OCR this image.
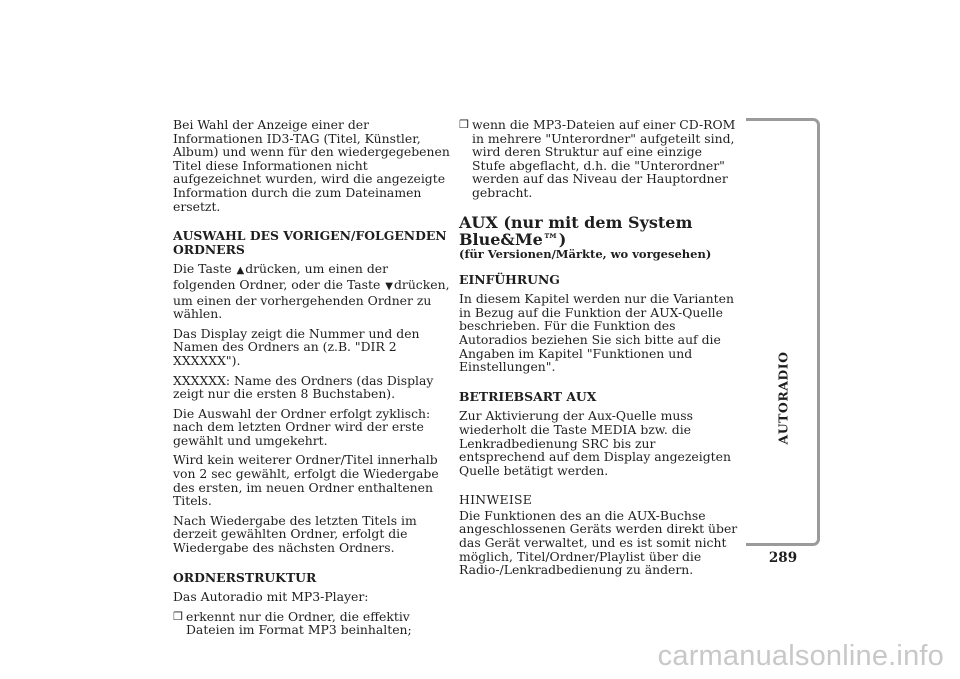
Bei Wahl der Anzeige einer der Informationen ID3-TAG (Titel, Künstler, Album) und wenn für den wiedergegebenen Titel diese Informationen nicht aufgezeichnet wurden, wird die angezeigte Information durch die zum Dateinamen ersetzt.

AUSWAHL DES VORIGEN/FOLGENDEN ORDNERS

Die Taste ▲drücken, um einen der folgenden Ordner, oder die Taste ▼drücken, um einen der vorhergehenden Ordner zu wählen.

Das Display zeigt die Nummer und den Namen des Ordners an (z.B. "DIR 2 XXXXXX").

XXXXXX: Name des Ordners (das Display zeigt nur die ersten 8 Buchstaben).

Die Auswahl der Ordner erfolgt zyklisch: nach dem letzten Ordner wird der erste gewählt und umgekehrt.

Wird kein weiterer Ordner/Titel innerhalb von 2 sec gewählt, erfolgt die Wiedergabe des ersten, im neuen Ordner enthaltenen Titels.

Nach Wiedergabe des letzten Titels im derzeit gewählten Ordner, erfolgt die Wiedergabe des nächsten Ordners.

ORDNERSTRUKTUR

Das Autoradio mit MP3-Player:

❒ erkennt nur die Ordner, die effektiv Dateien im Format MP3 beinhalten;
❒ wenn die MP3-Dateien auf einer CD-ROM in mehrere "Unterordner" aufgeteilt sind, wird deren Struktur auf eine einzige Stufe abgeflacht, d.h. die "Unterordner" werden auf das Niveau der Hauptordner gebracht.

AUX (nur mit dem System Blue&Me™)

(für Versionen/Märkte, wo vorgesehen)

EINFÜHRUNG

In diesem Kapitel werden nur die Varianten in Bezug auf die Funktion der AUX-Quelle beschrieben. Für die Funktion des Autoradios beziehen Sie sich bitte auf die Angaben im Kapitel "Funktionen und Einstellungen".

BETRIEBSART AUX

Zur Aktivierung der Aux-Quelle muss wiederholt die Taste MEDIA bzw. die Lenkradbedienung SRC bis zur entsprechend auf dem Display angezeigten Quelle betätigt werden.

HINWEISE

Die Funktionen des an die AUX-Buchse angeschlossenen Geräts werden direkt über das Gerät verwaltet, und es ist somit nicht möglich, Titel/Ordner/Playlist über die Radio-/Lenkradbedienung zu ändern.

AUTORADIO
289
carmanualsonline.info
